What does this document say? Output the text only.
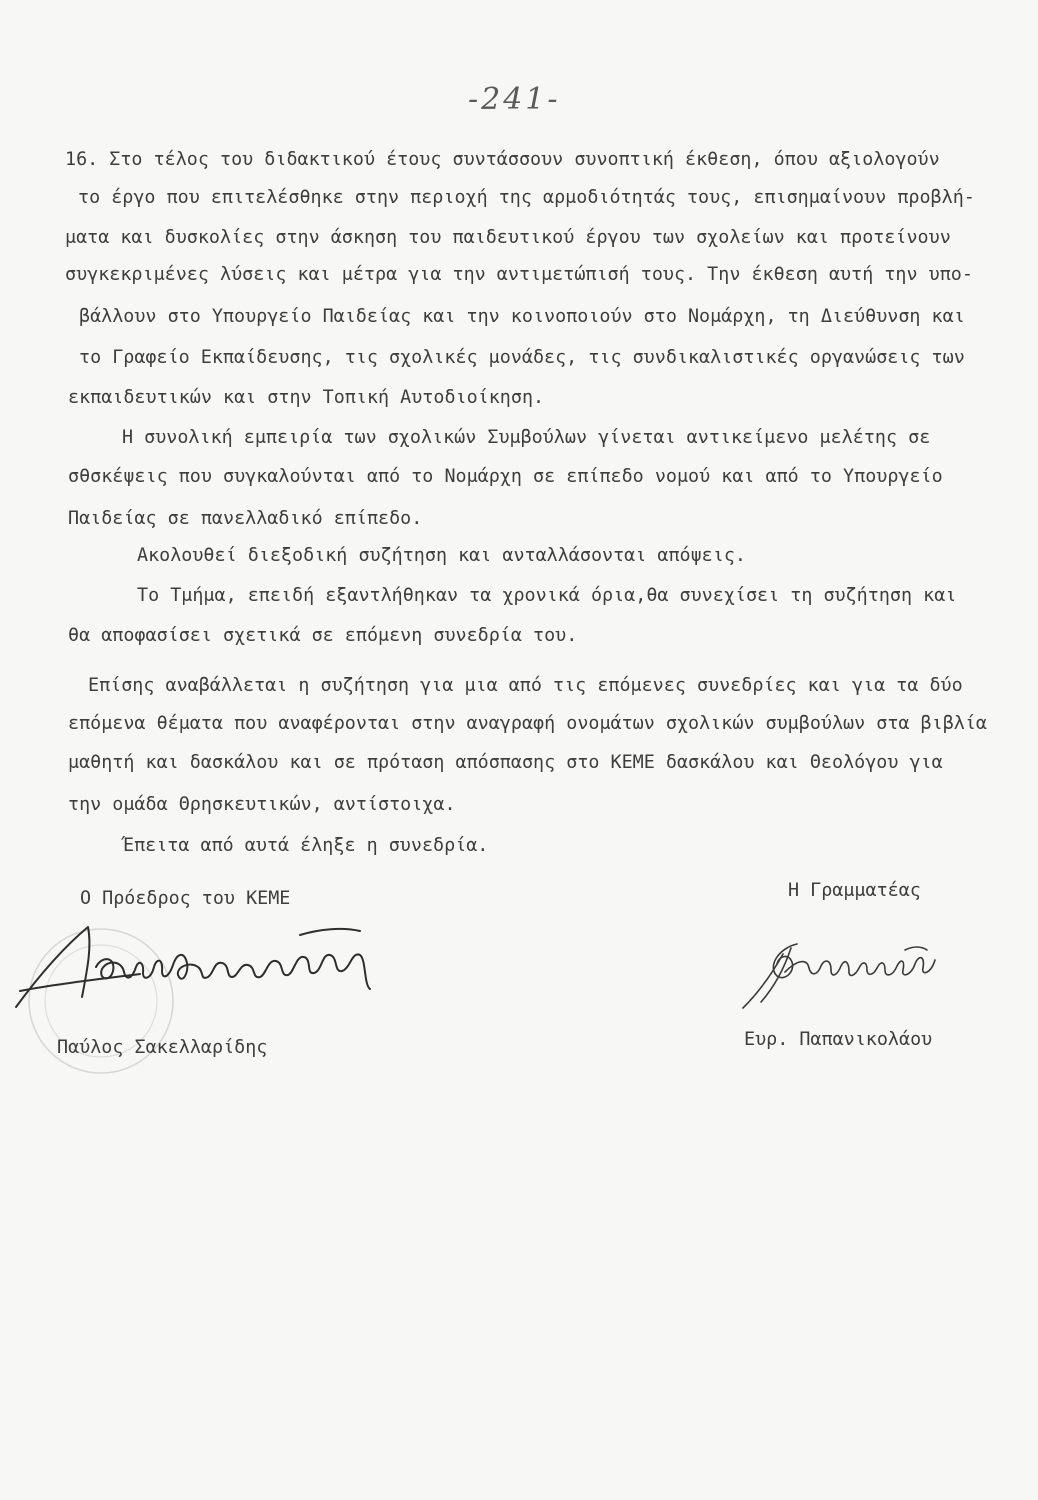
-241-
16. Στο τέλος του διδακτικού έτους συντάσσουν συνοπτική έκθεση, όπου αξιολογούν
το έργο που επιτελέσθηκε στην περιοχή της αρμοδιότητάς τους, επισημαίνουν προβλή-
ματα και δυσκολίες στην άσκηση του παιδευτικού έργου των σχολείων και προτείνουν
συγκεκριμένες λύσεις και μέτρα για την αντιμετώπισή τους. Την έκθεση αυτή την υπο-
βάλλουν στο Υπουργείο Παιδείας και την κοινοποιούν στο Νομάρχη, τη Διεύθυνση και
το Γραφείο Εκπαίδευσης, τις σχολικές μονάδες, τις συνδικαλιστικές οργανώσεις των
εκπαιδευτικών και στην Τοπική Αυτοδιοίκηση.
Η συνολική εμπειρία των σχολικών Συμβούλων γίνεται αντικείμενο μελέτης σε
σθσκέψεις που συγκαλούνται από το Νομάρχη σε επίπεδο νομού και από το Υπουργείο
Παιδείας σε πανελλαδικό επίπεδο.
Ακολουθεί διεξοδική συζήτηση και ανταλλάσονται απόψεις.
Το Τμήμα, επειδή εξαντλήθηκαν τα χρονικά όρια,θα συνεχίσει τη συζήτηση και
θα αποφασίσει σχετικά σε επόμενη συνεδρία του.
Επίσης αναβάλλεται η συζήτηση για μια από τις επόμενες συνεδρίες και για τα δύο
επόμενα θέματα που αναφέρονται στην αναγραφή ονομάτων σχολικών συμβούλων στα βιβλία
μαθητή και δασκάλου και σε πρόταση απόσπασης στο ΚΕΜΕ δασκάλου και Θεολόγου για
την ομάδα Θρησκευτικών, αντίστοιχα.
Έπειτα από αυτά έληξε η συνεδρία.
Ο Πρόεδρος του ΚΕΜΕ
Παύλος Σακελλαρίδης
Η Γραμματέας
Ευρ. Παπανικολάου
